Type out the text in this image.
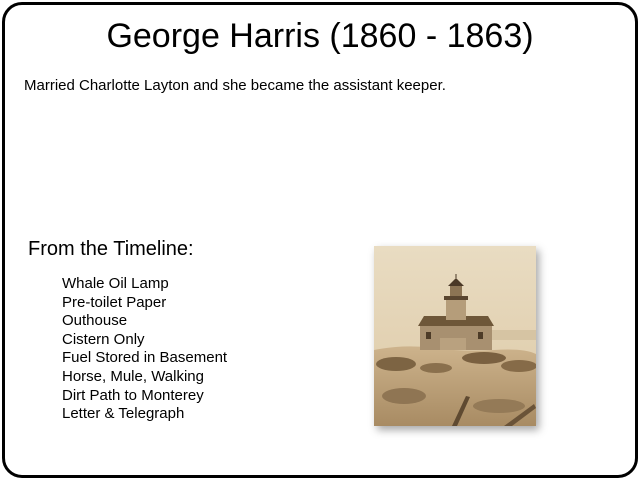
George Harris (1860 - 1863)
Married Charlotte Layton and she became the assistant keeper.
From the Timeline:
Whale Oil Lamp
Pre-toilet Paper
Outhouse
Cistern Only
Fuel Stored in Basement
Horse, Mule, Walking
Dirt Path to Monterey
Letter & Telegraph
